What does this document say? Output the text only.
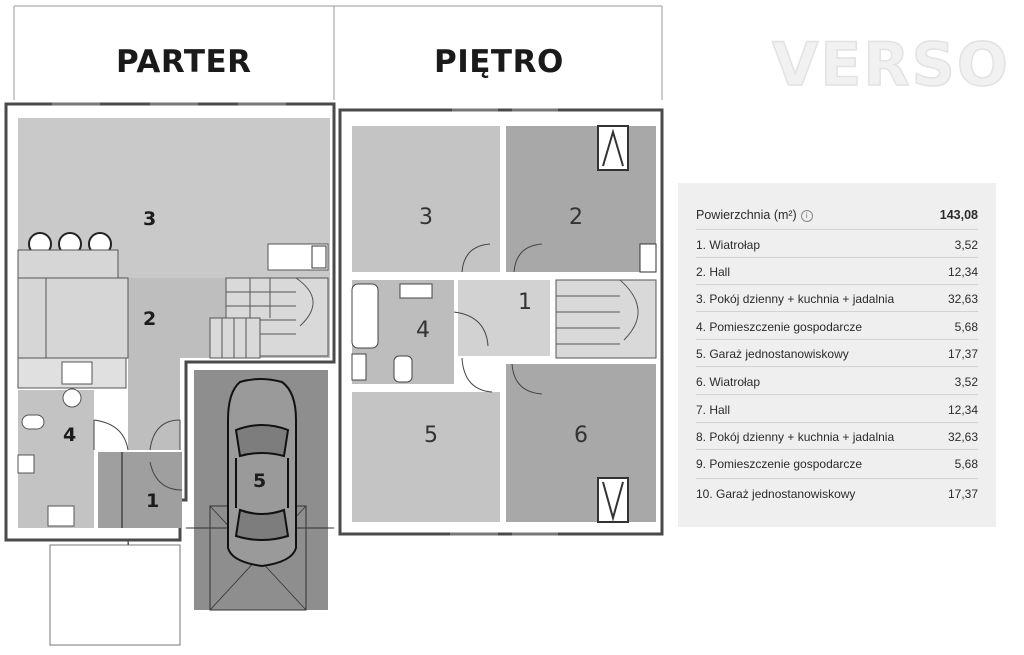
PARTER	PIĘTRO
3
2
4
1
5
3	2
1
4
5	6
VERSO
Powierzchnia (m²) i	143,08
1. Wiatrołap	3,52
2. Hall	12,34
3. Pokój dzienny + kuchnia + jadalnia	32,63
4. Pomieszczenie gospodarcze	5,68
5. Garaż jednostanowiskowy	17,37
6. Wiatrołap	3,52
7. Hall	12,34
8. Pokój dzienny + kuchnia + jadalnia	32,63
9. Pomieszczenie gospodarcze	5,68
10. Garaż jednostanowiskowy	17,37
